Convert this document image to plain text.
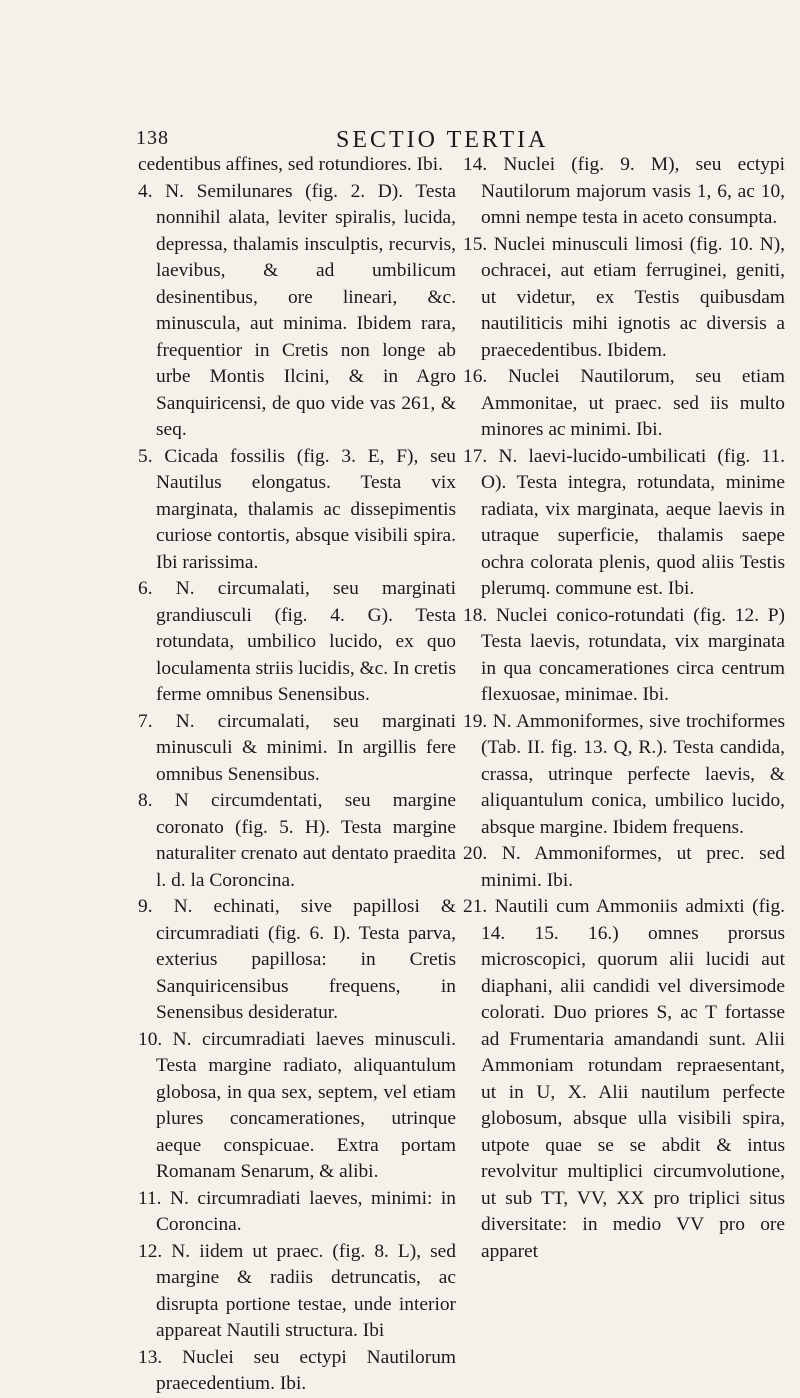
138	SECTIO TERTIA

cedentibus affines, sed rotundiores. Ibi.

4. N. Semilunares (fig. 2. D). Testa nonnihil alata, leviter spiralis, lucida, depressa, thalamis insculptis, recurvis, laevibus, & ad umbilicum desinentibus, ore lineari, &c. minuscula, aut minima. Ibidem rara, frequentior in Cretis non longe ab urbe Montis Ilcini, & in Agro Sanquiricensi, de quo vide vas 261, & seq.

5. Cicada fossilis (fig. 3. E, F), seu Nautilus elongatus. Testa vix marginata, thalamis ac dissepimentis curiose contortis, absque visibili spira. Ibi rarissima.

6. N. circumalati, seu marginati grandiusculi (fig. 4. G). Testa rotundata, umbilico lucido, ex quo loculamenta striis lucidis, &c. In cretis ferme omnibus Senensibus.

7. N. circumalati, seu marginati minusculi & minimi. In argillis fere omnibus Senensibus.

8. N circumdentati, seu margine coronato (fig. 5. H). Testa margine naturaliter crenato aut dentato praedita l. d. la Coroncina.

9. N. echinati, sive papillosi & circumradiati (fig. 6. I). Testa parva, exterius papillosa: in Cretis Sanquiricensibus frequens, in Senensibus desideratur.

10. N. circumradiati laeves minusculi. Testa margine radiato, aliquantulum globosa, in qua sex, septem, vel etiam plures concamerationes, utrinque aeque conspicuae. Extra portam Romanam Senarum, & alibi.

11. N. circumradiati laeves, minimi: in Coroncina.

12. N. iidem ut praec. (fig. 8. L), sed margine & radiis detruncatis, ac disrupta portione testae, unde interior appareat Nautili structura. Ibi

13. Nuclei seu ectypi Nautilorum praecedentium. Ibi.

14. Nuclei (fig. 9. M), seu ectypi Nautilorum majorum vasis 1, 6, ac 10, omni nempe testa in aceto consumpta.

15. Nuclei minusculi limosi (fig. 10. N), ochracei, aut etiam ferruginei, geniti, ut videtur, ex Testis quibusdam nautiliticis mihi ignotis ac diversis a praecedentibus. Ibidem.

16. Nuclei Nautilorum, seu etiam Ammonitae, ut praec. sed iis multo minores ac minimi. Ibi.

17. N. laevi-lucido-umbilicati (fig. 11. O). Testa integra, rotundata, minime radiata, vix marginata, aeque laevis in utraque superficie, thalamis saepe ochra colorata plenis, quod aliis Testis plerumq. commune est. Ibi.

18. Nuclei conico-rotundati (fig. 12. P) Testa laevis, rotundata, vix marginata in qua concamerationes circa centrum flexuosae, minimae. Ibi.

19. N. Ammoniformes, sive trochiformes (Tab. II. fig. 13. Q, R.). Testa candida, crassa, utrinque perfecte laevis, & aliquantulum conica, umbilico lucido, absque margine. Ibidem frequens.

20. N. Ammoniformes, ut prec. sed minimi. Ibi.

21. Nautili cum Ammoniis admixti (fig. 14. 15. 16.) omnes prorsus microscopici, quorum alii lucidi aut diaphani, alii candidi vel diversimode colorati. Duo priores S, ac T fortasse ad Frumentaria amandandi sunt. Alii Ammoniam rotundam repraesentant, ut in U, X. Alii nautilum perfecte globosum, absque ulla visibili spira, utpote quae se se abdit & intus revolvitur multiplici circumvolutione, ut sub TT, VV, XX pro triplici situs diversitate: in medio VV pro ore apparet
